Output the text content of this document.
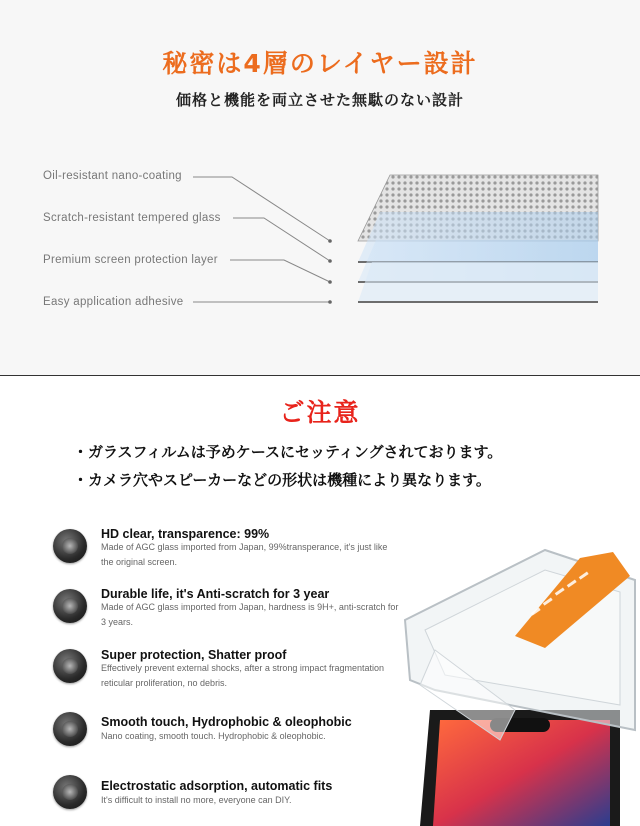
秘密は4層のレイヤー設計
価格と機能を両立させた無駄のない設計
Oil-resistant nano-coating
Scratch-resistant tempered glass
Premium screen protection layer
Easy application adhesive
ご注意
・ガラスフィルムは予めケースにセッティングされております。
・カメラ穴やスピーカーなどの形状は機種により異なります。
HD clear, transparence: 99%
Made of AGC glass imported from Japan, 99%transperance, it's just like the original screen.
Durable life, it's Anti-scratch for 3 year
Made of AGC glass imported from Japan, hardness is 9H+, anti-scratch for 3 years.
Super protection, Shatter proof
Effectively prevent external shocks, after a strong impact fragmentation reticular proliferation, no debris.
Smooth touch, Hydrophobic & oleophobic
Nano coating, smooth touch. Hydrophobic & oleophobic.
Electrostatic adsorption, automatic fits
It's difficult to install no more, everyone can DIY.
